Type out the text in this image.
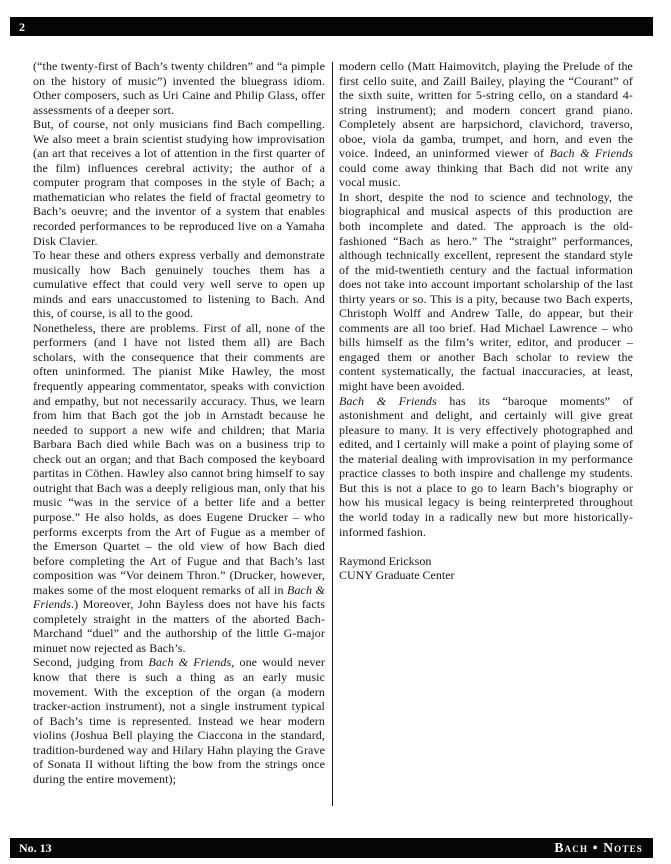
2

(“the twenty-first of Bach’s twenty children” and “a pimple on the history of music”) invented the bluegrass idiom. Other composers, such as Uri Caine and Philip Glass, offer assessments of a deeper sort.

But, of course, not only musicians find Bach compelling. We also meet a brain scientist studying how improvisation (an art that receives a lot of attention in the first quarter of the film) influences cerebral activity; the author of a computer program that composes in the style of Bach; a mathematician who relates the field of fractal geometry to Bach’s oeuvre; and the inventor of a system that enables recorded performances to be reproduced live on a Yamaha Disk Clavier.

To hear these and others express verbally and demonstrate musically how Bach genuinely touches them has a cumulative effect that could very well serve to open up minds and ears unaccustomed to listening to Bach. And this, of course, is all to the good.

Nonetheless, there are problems. First of all, none of the performers (and I have not listed them all) are Bach scholars, with the consequence that their comments are often uninformed. The pianist Mike Hawley, the most frequently appearing commentator, speaks with conviction and empathy, but not necessarily accuracy. Thus, we learn from him that Bach got the job in Arnstadt because he needed to support a new wife and children; that Maria Barbara Bach died while Bach was on a business trip to check out an organ; and that Bach composed the keyboard partitas in Cöthen. Hawley also cannot bring himself to say outright that Bach was a deeply religious man, only that his music “was in the service of a better life and a better purpose.” He also holds, as does Eugene Drucker – who performs excerpts from the Art of Fugue as a member of the Emerson Quartet – the old view of how Bach died before completing the Art of Fugue and that Bach’s last composition was “Vor deinem Thron.” (Drucker, however, makes some of the most eloquent remarks of all in Bach & Friends.) Moreover, John Bayless does not have his facts completely straight in the matters of the aborted Bach-Marchand “duel” and the authorship of the little G-major minuet now rejected as Bach’s.

Second, judging from Bach & Friends, one would never know that there is such a thing as an early music movement. With the exception of the organ (a modern tracker-action instrument), not a single instrument typical of Bach’s time is represented. Instead we hear modern violins (Joshua Bell playing the Ciaccona in the standard, tradition-burdened way and Hilary Hahn playing the Grave of Sonata II without lifting the bow from the strings once during the entire movement);

modern cello (Matt Haimovitch, playing the Prelude of the first cello suite, and Zaill Bailey, playing the “Courant” of the sixth suite, written for 5-string cello, on a standard 4-string instrument); and modern concert grand piano. Completely absent are harpsichord, clavichord, traverso, oboe, viola da gamba, trumpet, and horn, and even the voice. Indeed, an uninformed viewer of Bach & Friends could come away thinking that Bach did not write any vocal music.

In short, despite the nod to science and technology, the biographical and musical aspects of this production are both incomplete and dated. The approach is the old-fashioned “Bach as hero.” The “straight” performances, although technically excellent, represent the standard style of the mid-twentieth century and the factual information does not take into account important scholarship of the last thirty years or so. This is a pity, because two Bach experts, Christoph Wolff and Andrew Talle, do appear, but their comments are all too brief. Had Michael Lawrence – who bills himself as the film’s writer, editor, and producer – engaged them or another Bach scholar to review the content systematically, the factual inaccuracies, at least, might have been avoided.

Bach & Friends has its “baroque moments” of astonishment and delight, and certainly will give great pleasure to many. It is very effectively photographed and edited, and I certainly will make a point of playing some of the material dealing with improvisation in my performance practice classes to both inspire and challenge my students. But this is not a place to go to learn Bach’s biography or how his musical legacy is being reinterpreted throughout the world today in a radically new but more historically-informed fashion.

Raymond Erickson
CUNY Graduate Center
No. 13	Bach • Notes
